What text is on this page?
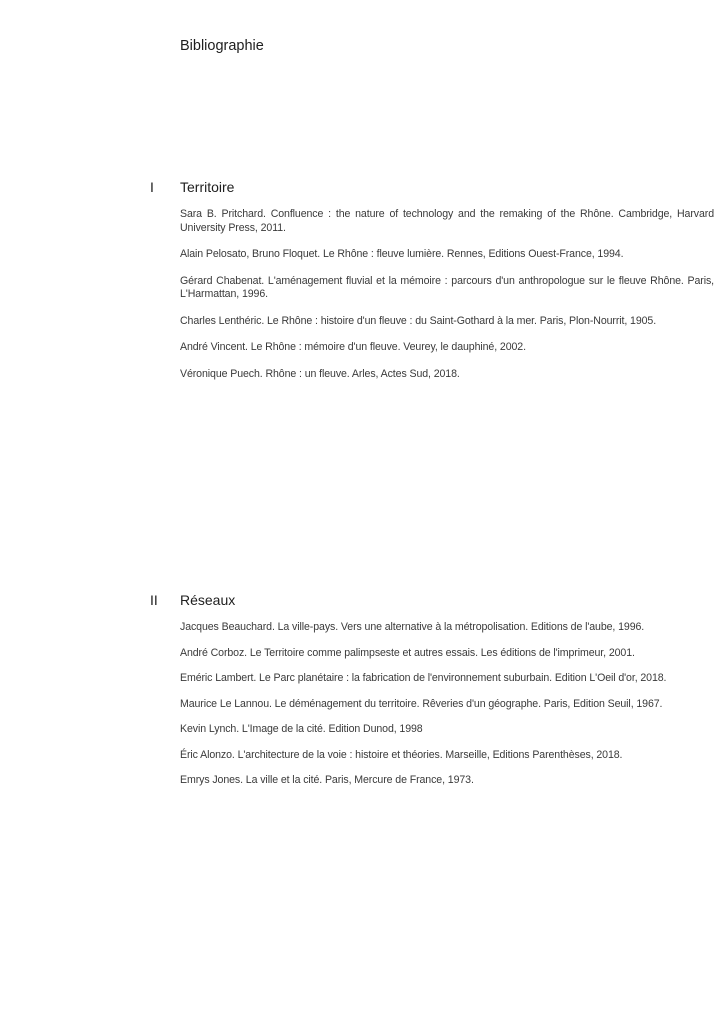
Bibliographie
I Territoire
Sara B. Pritchard. Confluence : the nature of technology and the remaking of the Rhône. Cambridge, Harvard University Press, 2011.
Alain Pelosato, Bruno Floquet. Le Rhône : fleuve lumière. Rennes, Editions Ouest-France, 1994.
Gérard Chabenat. L'aménagement fluvial et la mémoire : parcours d'un anthropologue sur le fleuve Rhône. Paris, L'Harmattan, 1996.
Charles Lenthéric. Le Rhône : histoire d'un fleuve : du Saint-Gothard à la mer. Paris, Plon-Nourrit, 1905.
André Vincent. Le Rhône : mémoire d'un fleuve. Veurey, le dauphiné, 2002.
Véronique Puech. Rhône : un fleuve. Arles, Actes Sud, 2018.
II Réseaux
Jacques Beauchard. La ville-pays. Vers une alternative à la métropolisation. Editions de l'aube, 1996.
André Corboz. Le Territoire comme palimpseste et autres essais. Les éditions de l'imprimeur, 2001.
Eméric Lambert. Le Parc planétaire : la fabrication de l'environnement suburbain. Edition L'Oeil d'or, 2018.
Maurice Le Lannou. Le déménagement du territoire. Rêveries d'un géographe. Paris, Edition Seuil, 1967.
Kevin Lynch. L'Image de la cité. Edition Dunod, 1998
Éric Alonzo. L'architecture de la voie : histoire et théories. Marseille, Editions Parenthèses, 2018.
Emrys Jones. La ville et la cité. Paris, Mercure de France, 1973.
